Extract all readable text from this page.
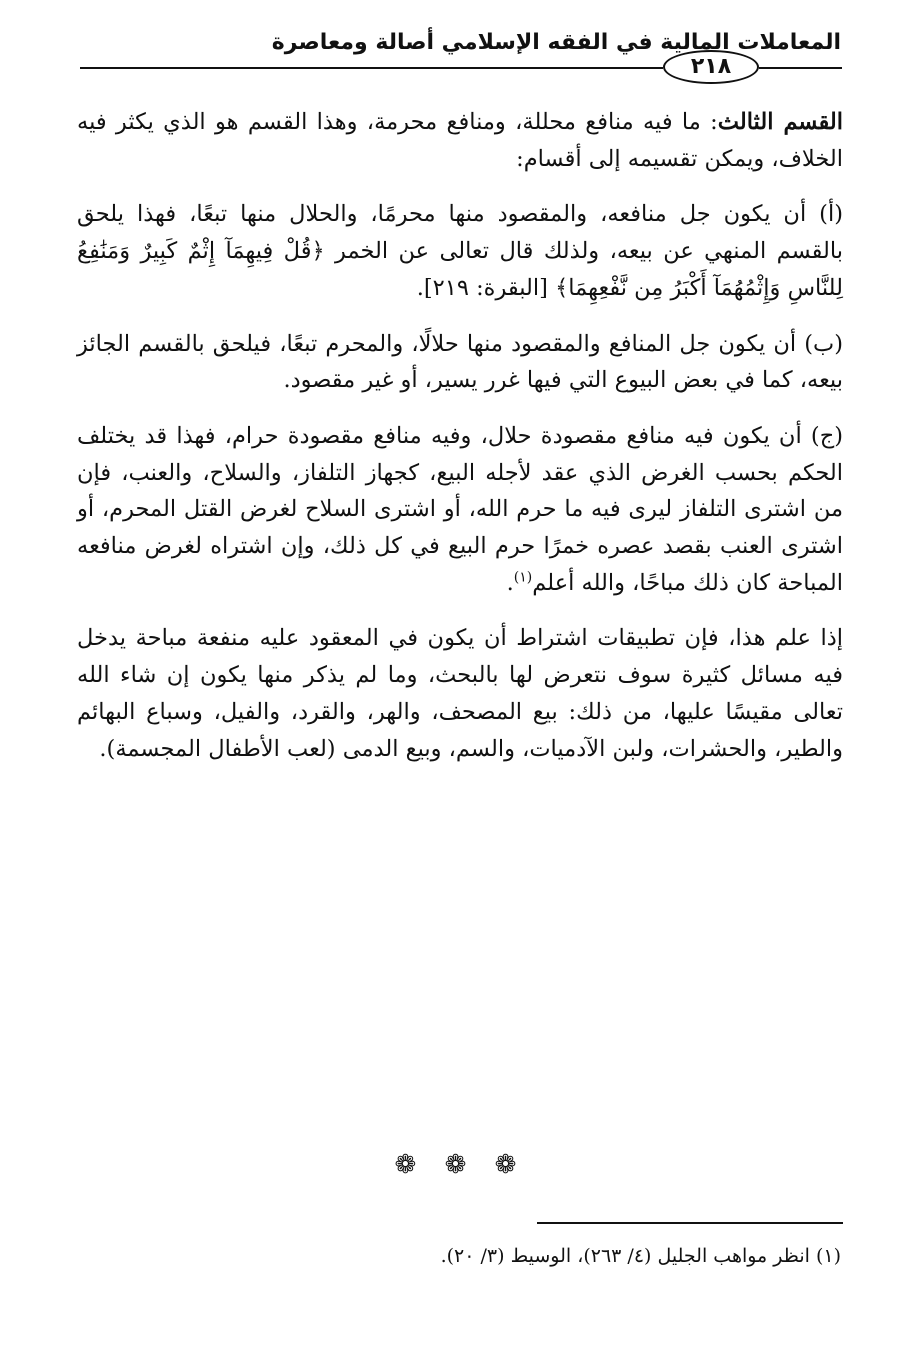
المعاملات المالية في الفقه الإسلامي أصالة ومعاصرة
٢١٨

القسم الثالث: ما فيه منافع محللة، ومنافع محرمة، وهذا القسم هو الذي يكثر فيه الخلاف، ويمكن تقسيمه إلى أقسام:

(أ) أن يكون جل منافعه، والمقصود منها محرمًا، والحلال منها تبعًا، فهذا يلحق بالقسم المنهي عن بيعه، ولذلك قال تعالى عن الخمر ﴿قُلْ فِيهِمَآ إِثْمٌ كَبِيرٌ وَمَنَٰفِعُ لِلنَّاسِ وَإِثْمُهُمَآ أَكْبَرُ مِن نَّفْعِهِمَا﴾ [البقرة: ٢١٩].

(ب) أن يكون جل المنافع والمقصود منها حلالًا، والمحرم تبعًا، فيلحق بالقسم الجائز بيعه، كما في بعض البيوع التي فيها غرر يسير، أو غير مقصود.

(ج) أن يكون فيه منافع مقصودة حلال، وفيه منافع مقصودة حرام، فهذا قد يختلف الحكم بحسب الغرض الذي عقد لأجله البيع، كجهاز التلفاز، والسلاح، والعنب، فإن من اشترى التلفاز ليرى فيه ما حرم الله، أو اشترى السلاح لغرض القتل المحرم، أو اشترى العنب بقصد عصره خمرًا حرم البيع في كل ذلك، وإن اشتراه لغرض منافعه المباحة كان ذلك مباحًا، والله أعلم$^{(١)}$.

إذا علم هذا، فإن تطبيقات اشتراط أن يكون في المعقود عليه منفعة مباحة يدخل فيه مسائل كثيرة سوف نتعرض لها بالبحث، وما لم يذكر منها يكون إن شاء الله تعالى مقيسًا عليها، من ذلك: بيع المصحف، والهر، والقرد، والفيل، وسباع البهائم والطير، والحشرات، ولبن الآدميات، والسم، وبيع الدمى (لعب الأطفال المجسمة).

❁ ❁ ❁
(١) انظر مواهب الجليل (٤/ ٢٦٣)، الوسيط (٣/ ٢٠).
